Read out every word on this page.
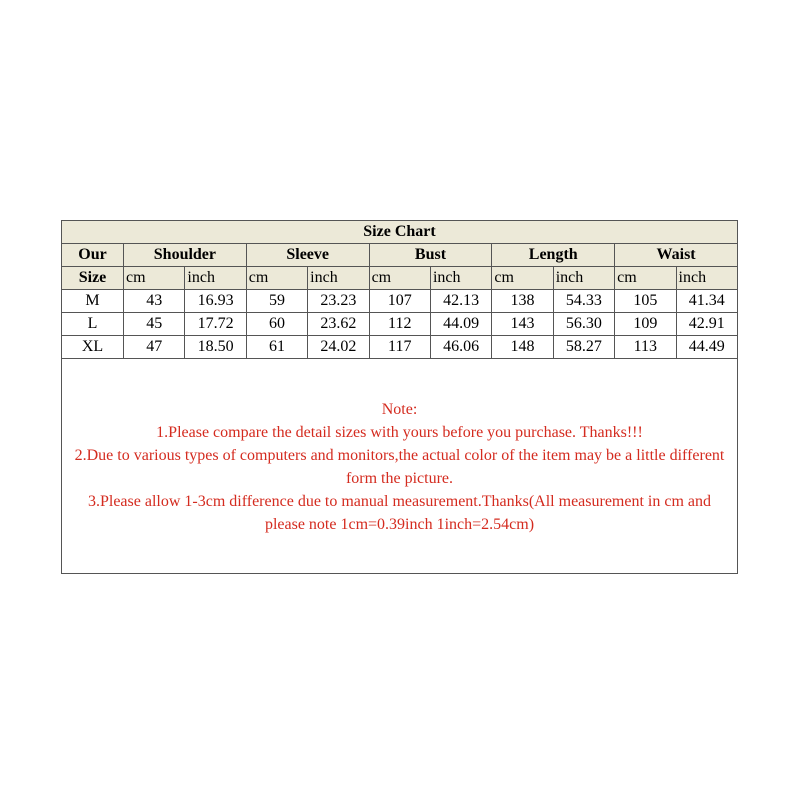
Size Chart										
Our	Shoulder		Sleeve		Bust		Length		Waist	
Size	cm	inch	cm	inch	cm	inch	cm	inch	cm	inch
M	43	16.93	59	23.23	107	42.13	138	54.33	105	41.34
L	45	17.72	60	23.62	112	44.09	143	56.30	109	42.91
XL	47	18.50	61	24.02	117	46.06	148	58.27	113	44.49
Note:
1.Please compare the detail sizes with yours before you purchase. Thanks!!!
2.Due to various types of computers and monitors,the actual color of the item may be a little different form the picture.
3.Please allow 1-3cm difference due to manual measurement.Thanks(All measurement in cm and please note 1cm=0.39inch 1inch=2.54cm)
